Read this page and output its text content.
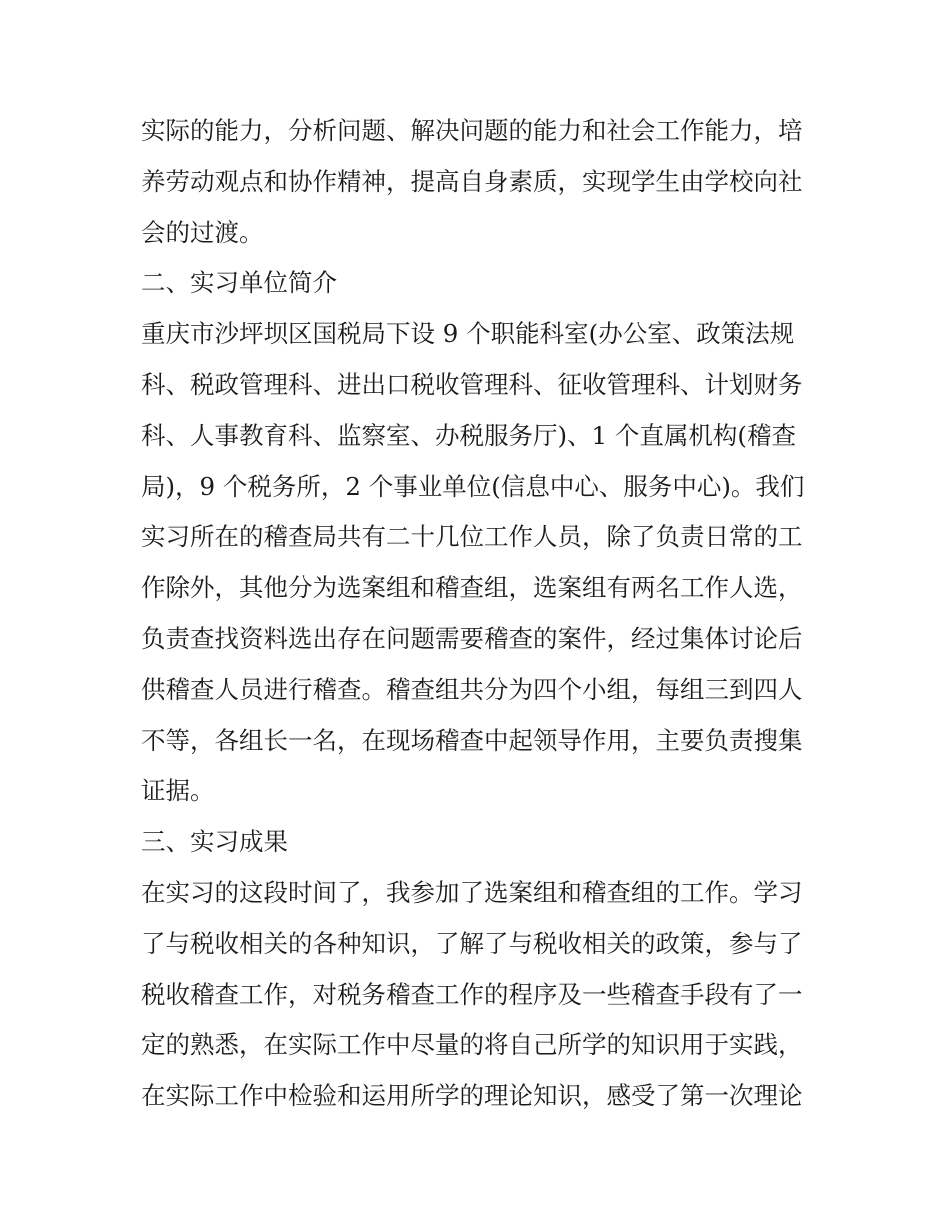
实际的能力，分析问题、解决问题的能力和社会工作能力，培
养劳动观点和协作精神，提高自身素质，实现学生由学校向社
会的过渡。
二、实习单位简介
重庆市沙坪坝区国税局下设 9 个职能科室(办公室、政策法规
科、税政管理科、进出口税收管理科、征收管理科、计划财务
科、人事教育科、监察室、办税服务厅)、1 个直属机构(稽查
局)，9 个税务所，2 个事业单位(信息中心、服务中心)。我们
实习所在的稽查局共有二十几位工作人员，除了负责日常的工
作除外，其他分为选案组和稽查组，选案组有两名工作人选，
负责查找资料选出存在问题需要稽查的案件，经过集体讨论后
供稽查人员进行稽查。稽查组共分为四个小组，每组三到四人
不等，各组长一名，在现场稽查中起领导作用，主要负责搜集
证据。
三、实习成果
在实习的这段时间了，我参加了选案组和稽查组的工作。学习
了与税收相关的各种知识，了解了与税收相关的政策，参与了
税收稽查工作，对税务稽查工作的程序及一些稽查手段有了一
定的熟悉，在实际工作中尽量的将自己所学的知识用于实践，
在实际工作中检验和运用所学的理论知识，感受了第一次理论
